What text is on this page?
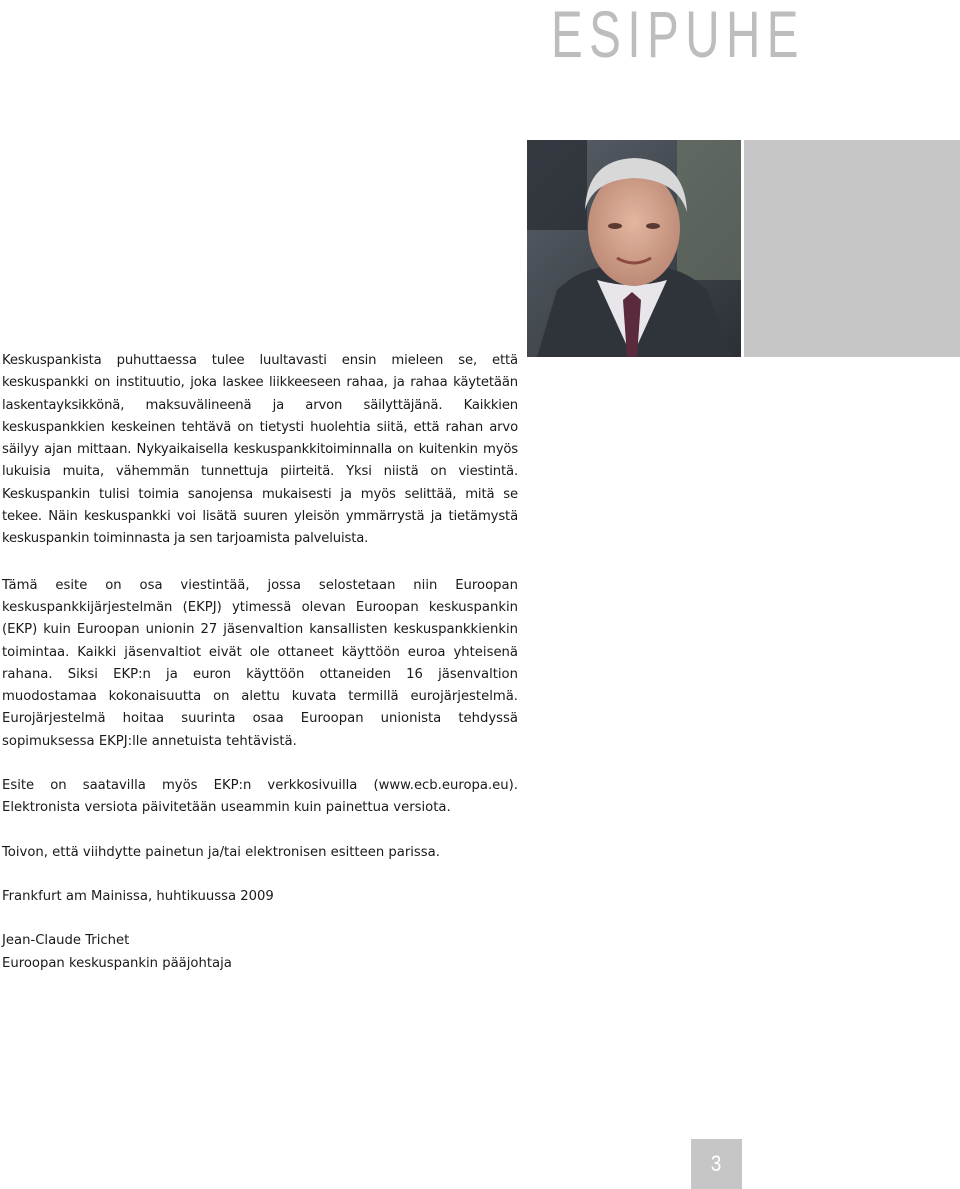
ESIPUHE

Keskuspankista puhuttaessa tulee luultavasti ensin mieleen se, että keskuspankki on instituutio, joka laskee liikkeeseen rahaa, ja rahaa käytetään laskentayksikkönä, maksuvälineenä ja arvon säilyttäjänä. Kaikkien keskuspankkien keskeinen tehtävä on tietysti huolehtia siitä, että rahan arvo säilyy ajan mittaan. Nykyaikaisella keskuspankkitoiminnalla on kuitenkin myös lukuisia muita, vähemmän tunnettuja piirteitä. Yksi niistä on viestintä. Keskuspankin tulisi toimia sanojensa mukaisesti ja myös selittää, mitä se tekee. Näin keskuspankki voi lisätä suuren yleisön ymmärrystä ja tietämystä keskuspankin toiminnasta ja sen tarjoamista palveluista.

Tämä esite on osa viestintää, jossa selostetaan niin Euroopan keskuspankkijärjestelmän (EKPJ) ytimessä olevan Euroopan keskuspankin (EKP) kuin Euroopan unionin 27 jäsenvaltion kansallisten keskuspankkienkin toimintaa. Kaikki jäsenvaltiot eivät ole ottaneet käyttöön euroa yhteisenä rahana. Siksi EKP:n ja euron käyttöön ottaneiden 16 jäsenvaltion muodostamaa kokonaisuutta on alettu kuvata termillä eurojärjestelmä. Eurojärjestelmä hoitaa suurinta osaa Euroopan unionista tehdyssä sopimuksessa EKPJ:lle annetuista tehtävistä.

Esite on saatavilla myös EKP:n verkkosivuilla (www.ecb.europa.eu). Elektronista versiota päivitetään useammin kuin painettua versiota.

Toivon, että viihdytte painetun ja/tai elektronisen esitteen parissa.

Frankfurt am Mainissa, huhtikuussa 2009

Jean-Claude Trichet

Euroopan keskuspankin pääjohtaja

3
